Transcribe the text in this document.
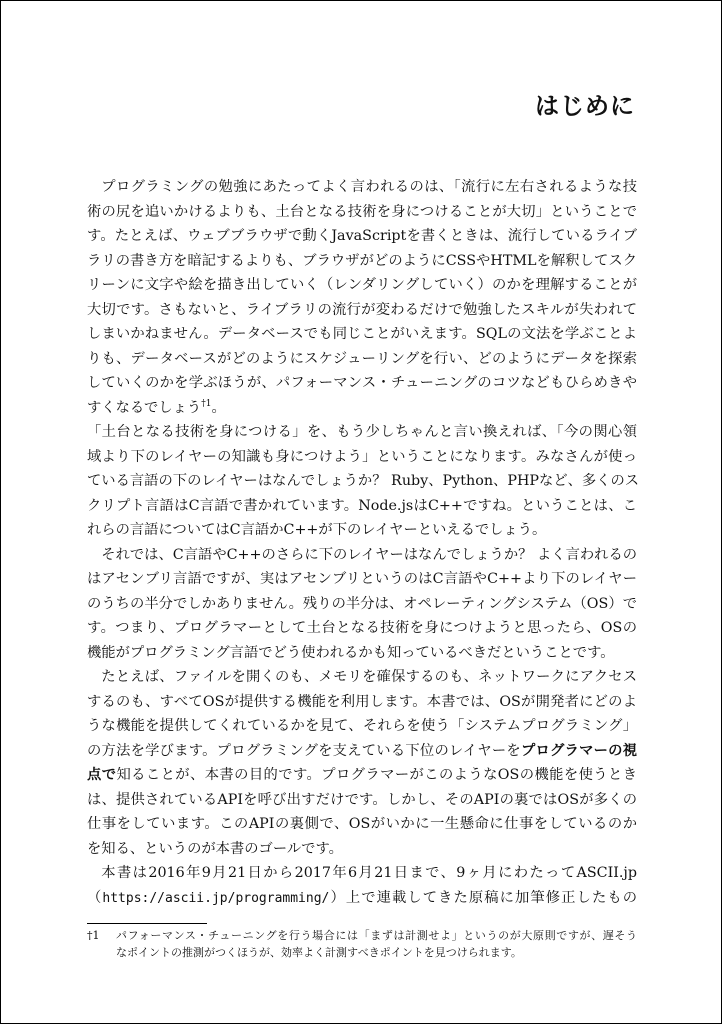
はじめに
プログラミングの勉強にあたってよく言われるのは、「流行に左右されるような技
術の尻を追いかけるよりも、土台となる技術を身につけることが大切」ということで
す。たとえば、ウェブブラウザで動くJavaScriptを書くときは、流行しているライブ
ラリの書き方を暗記するよりも、ブラウザがどのようにCSSやHTMLを解釈してスク
リーンに文字や絵を描き出していく（レンダリングしていく）のかを理解することが
大切です。さもないと、ライブラリの流行が変わるだけで勉強したスキルが失われて
しまいかねません。データベースでも同じことがいえます。SQLの文法を学ぶことよ
りも、データベースがどのようにスケジューリングを行い、どのようにデータを探索
していくのかを学ぶほうが、パフォーマンス・チューニングのコツなどもひらめきや
すくなるでしょう$^{\dagger 1}$。
「土台となる技術を身につける」を、もう少しちゃんと言い換えれば、「今の関心領
域より下のレイヤーの知識も身につけよう」ということになります。みなさんが使っ
ている言語の下のレイヤーはなんでしょうか？ Ruby、Python、PHPなど、多くのス
クリプト言語はC言語で書かれています。Node.jsはC++ですね。ということは、こ
れらの言語についてはC言語かC++が下のレイヤーといえるでしょう。
それでは、C言語やC++のさらに下のレイヤーはなんでしょうか？ よく言われるの
はアセンブリ言語ですが、実はアセンブリというのはC言語やC++より下のレイヤー
のうちの半分でしかありません。残りの半分は、オペレーティングシステム（OS）で
す。つまり、プログラマーとして土台となる技術を身につけようと思ったら、OSの
機能がプログラミング言語でどう使われるかも知っているべきだということです。
たとえば、ファイルを開くのも、メモリを確保するのも、ネットワークにアクセス
するのも、すべてOSが提供する機能を利用します。本書では、OSが開発者にどのよ
うな機能を提供してくれているかを見て、それらを使う「システムプログラミング」
の方法を学びます。プログラミングを支えている下位のレイヤーをプログラマーの視
点で知ることが、本書の目的です。プログラマーがこのようなOSの機能を使うとき
は、提供されているAPIを呼び出すだけです。しかし、そのAPIの裏ではOSが多くの
仕事をしています。このAPIの裏側で、OSがいかに一生懸命に仕事をしているのか
を知る、というのが本書のゴールです。
本書は2016年9月21日から2017年6月21日まで、9ヶ月にわたってASCII.jp
（https://ascii.jp/programming/）上で連載してきた原稿に加筆修正したもの
†1 パフォーマンス・チューニングを行う場合には「まずは計測せよ」というのが大原則ですが、遅そう
なポイントの推測がつくほうが、効率よく計測すべきポイントを見つけられます。
